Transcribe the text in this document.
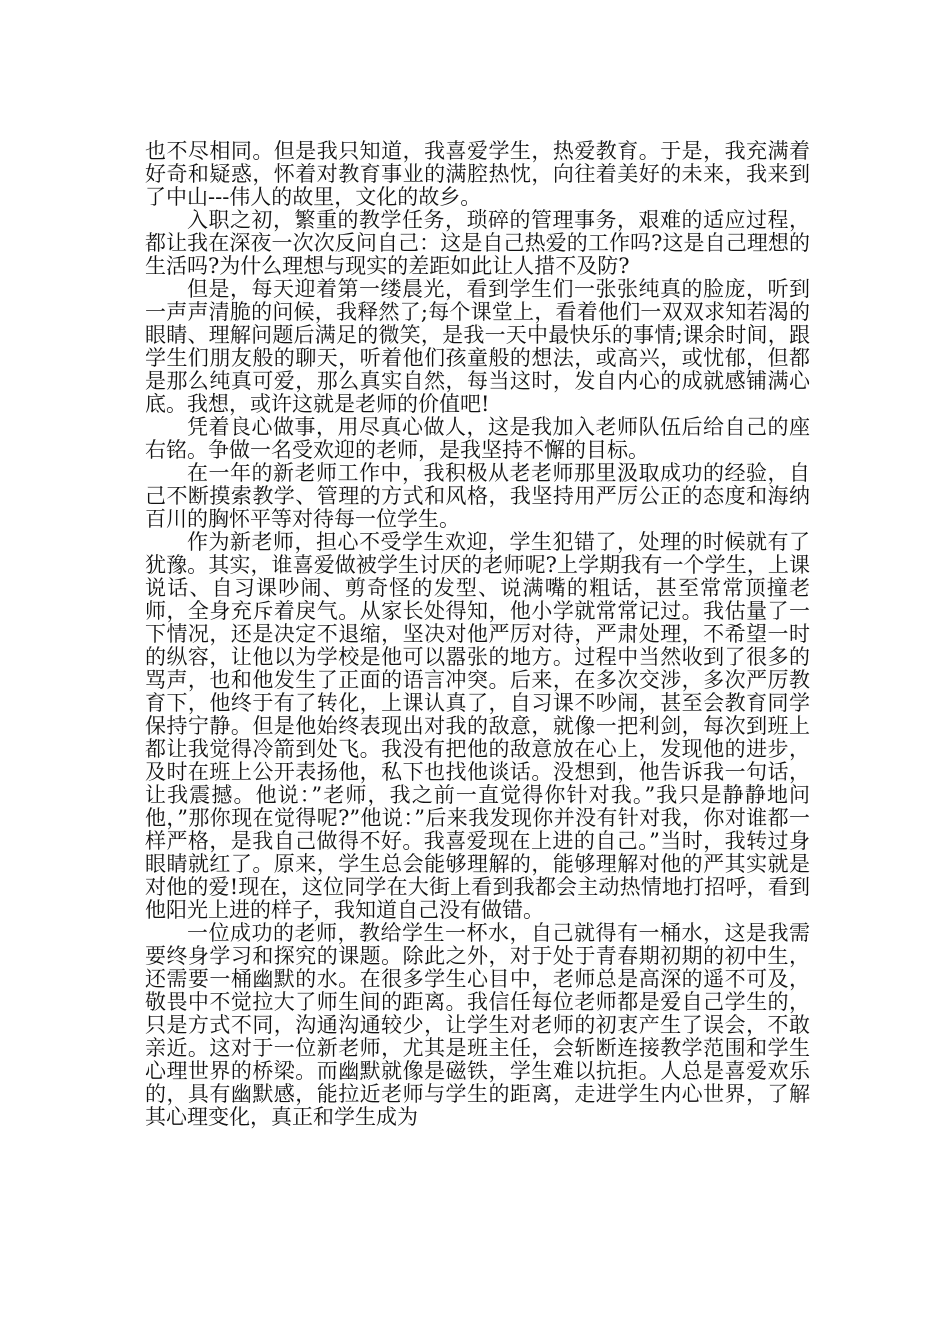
也不尽相同。但是我只知道，我喜爱学生，热爱教育。于是，我充满着好奇和疑惑，怀着对教育事业的满腔热忱，向往着美好的未来，我来到了中山---伟人的故里，文化的故乡。

入职之初，繁重的教学任务，琐碎的管理事务，艰难的适应过程，都让我在深夜一次次反问自己：这是自己热爱的工作吗?这是自己理想的生活吗?为什么理想与现实的差距如此让人措不及防?

但是，每天迎着第一缕晨光，看到学生们一张张纯真的脸庞，听到一声声清脆的问候，我释然了;每个课堂上，看着他们一双双求知若渴的眼睛、理解问题后满足的微笑，是我一天中最快乐的事情;课余时间，跟学生们朋友般的聊天，听着他们孩童般的想法，或高兴，或忧郁，但都是那么纯真可爱，那么真实自然，每当这时，发自内心的成就感铺满心底。我想，或许这就是老师的价值吧!

凭着良心做事，用尽真心做人，这是我加入老师队伍后给自己的座右铭。争做一名受欢迎的老师，是我坚持不懈的目标。

在一年的新老师工作中，我积极从老老师那里汲取成功的经验，自己不断摸索教学、管理的方式和风格，我坚持用严厉公正的态度和海纳百川的胸怀平等对待每一位学生。

作为新老师，担心不受学生欢迎，学生犯错了，处理的时候就有了犹豫。其实，谁喜爱做被学生讨厌的老师呢?上学期我有一个学生，上课说话、自习课吵闹、剪奇怪的发型、说满嘴的粗话，甚至常常顶撞老师，全身充斥着戾气。从家长处得知，他小学就常常记过。我估量了一下情况，还是决定不退缩，坚决对他严厉对待，严肃处理，不希望一时的纵容，让他以为学校是他可以嚣张的地方。过程中当然收到了很多的骂声，也和他发生了正面的语言冲突。后来，在多次交涉，多次严厉教育下，他终于有了转化，上课认真了，自习课不吵闹，甚至会教育同学保持宁静。但是他始终表现出对我的敌意，就像一把利剑，每次到班上都让我觉得冷箭到处飞。我没有把他的敌意放在心上，发现他的进步，及时在班上公开表扬他，私下也找他谈话。没想到，他告诉我一句话，让我震撼。他说：”老师，我之前一直觉得你针对我。”我只是静静地问他，”那你现在觉得呢?”他说：”后来我发现你并没有针对我，你对谁都一样严格，是我自己做得不好。我喜爱现在上进的自己。”当时，我转过身眼睛就红了。原来，学生总会能够理解的，能够理解对他的严其实就是对他的爱!现在，这位同学在大街上看到我都会主动热情地打招呼，看到他阳光上进的样子，我知道自己没有做错。

一位成功的老师，教给学生一杯水，自己就得有一桶水，这是我需要终身学习和探究的课题。除此之外，对于处于青春期初期的初中生，还需要一桶幽默的水。在很多学生心目中，老师总是高深的遥不可及，敬畏中不觉拉大了师生间的距离。我信任每位老师都是爱自己学生的，只是方式不同，沟通沟通较少，让学生对老师的初衷产生了误会，不敢亲近。这对于一位新老师，尤其是班主任，会斩断连接教学范围和学生心理世界的桥梁。而幽默就像是磁铁，学生难以抗拒。人总是喜爱欢乐的，具有幽默感，能拉近老师与学生的距离，走进学生内心世界，了解其心理变化，真正和学生成为
